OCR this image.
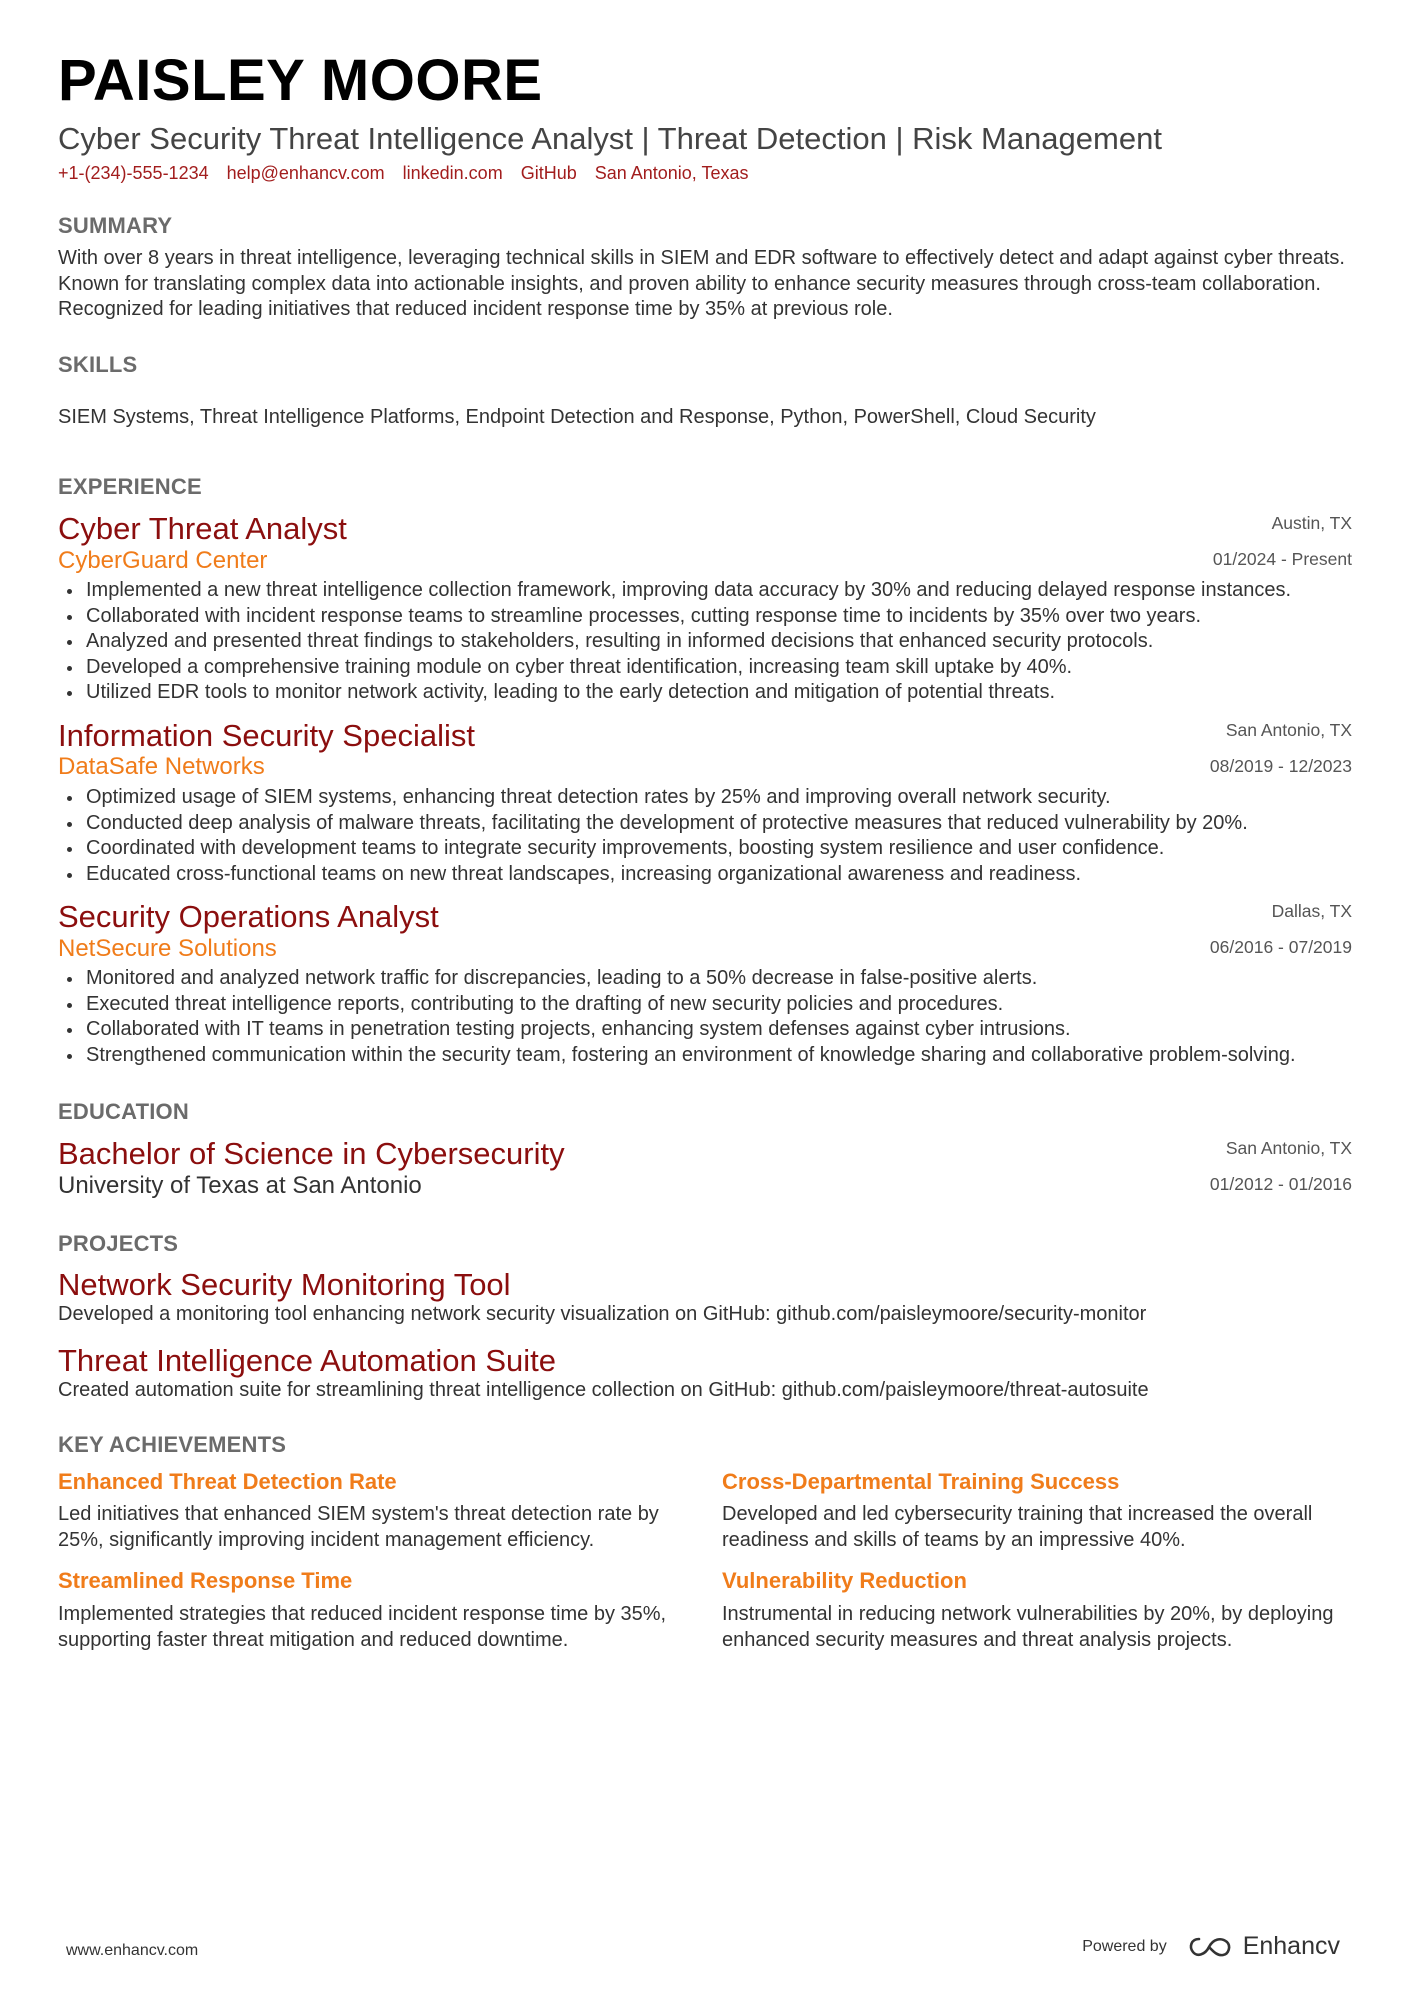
PAISLEY MOORE
Cyber Security Threat Intelligence Analyst | Threat Detection | Risk Management
+1-(234)-555-1234 help@enhancv.com linkedin.com GitHub San Antonio, Texas
SUMMARY
With over 8 years in threat intelligence, leveraging technical skills in SIEM and EDR software to effectively detect and adapt against cyber threats. Known for translating complex data into actionable insights, and proven ability to enhance security measures through cross-team collaboration. Recognized for leading initiatives that reduced incident response time by 35% at previous role.
SKILLS
SIEM Systems, Threat Intelligence Platforms, Endpoint Detection and Response, Python, PowerShell, Cloud Security
EXPERIENCE
Austin, TX
01/2024 - Present
Cyber Threat Analyst
CyberGuard Center
Implemented a new threat intelligence collection framework, improving data accuracy by 30% and reducing delayed response instances.
Collaborated with incident response teams to streamline processes, cutting response time to incidents by 35% over two years.
Analyzed and presented threat findings to stakeholders, resulting in informed decisions that enhanced security protocols.
Developed a comprehensive training module on cyber threat identification, increasing team skill uptake by 40%.
Utilized EDR tools to monitor network activity, leading to the early detection and mitigation of potential threats.
San Antonio, TX
08/2019 - 12/2023
Information Security Specialist
DataSafe Networks
Optimized usage of SIEM systems, enhancing threat detection rates by 25% and improving overall network security.
Conducted deep analysis of malware threats, facilitating the development of protective measures that reduced vulnerability by 20%.
Coordinated with development teams to integrate security improvements, boosting system resilience and user confidence.
Educated cross-functional teams on new threat landscapes, increasing organizational awareness and readiness.
Dallas, TX
06/2016 - 07/2019
Security Operations Analyst
NetSecure Solutions
Monitored and analyzed network traffic for discrepancies, leading to a 50% decrease in false-positive alerts.
Executed threat intelligence reports, contributing to the drafting of new security policies and procedures.
Collaborated with IT teams in penetration testing projects, enhancing system defenses against cyber intrusions.
Strengthened communication within the security team, fostering an environment of knowledge sharing and collaborative problem-solving.
EDUCATION
San Antonio, TX
01/2012 - 01/2016
Bachelor of Science in Cybersecurity
University of Texas at San Antonio
PROJECTS
Network Security Monitoring Tool
Developed a monitoring tool enhancing network security visualization on GitHub: github.com/paisleymoore/security-monitor
Threat Intelligence Automation Suite
Created automation suite for streamlining threat intelligence collection on GitHub: github.com/paisleymoore/threat-autosuite
KEY ACHIEVEMENTS
Enhanced Threat Detection Rate
Led initiatives that enhanced SIEM system's threat detection rate by 25%, significantly improving incident management efficiency.
Cross-Departmental Training Success
Developed and led cybersecurity training that increased the overall readiness and skills of teams by an impressive 40%.
Streamlined Response Time
Implemented strategies that reduced incident response time by 35%, supporting faster threat mitigation and reduced downtime.
Vulnerability Reduction
Instrumental in reducing network vulnerabilities by 20%, by deploying enhanced security measures and threat analysis projects.
www.enhancv.com	Powered by	Enhancv
